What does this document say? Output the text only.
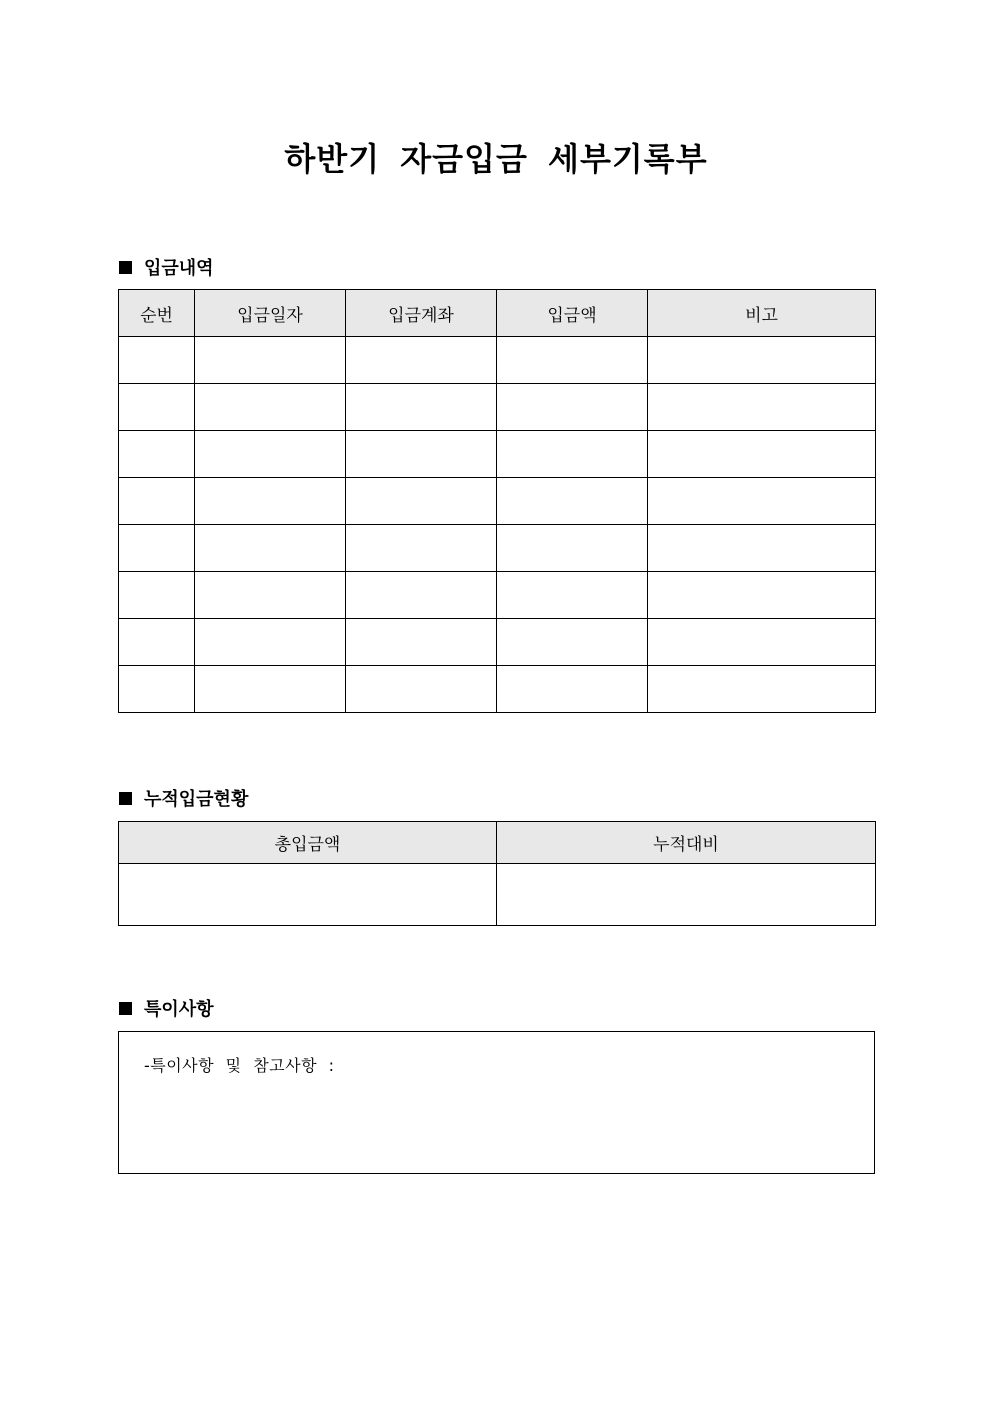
하반기 자금입금 세부기록부
입금내역
순번	입금일자	입금계좌	입금액	비고

누적입금현황
총입금액	누적대비

특이사항
-특이사항 및 참고사항 :
